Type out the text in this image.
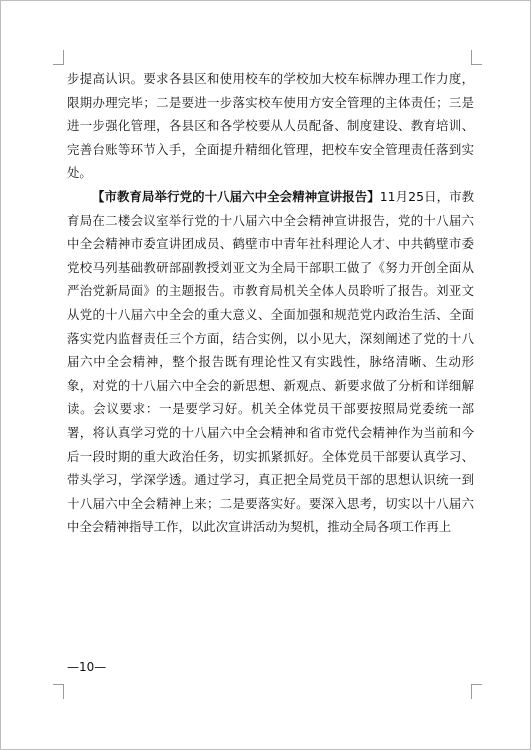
步提高认识。要求各县区和使用校车的学校加大校车标牌办理工作力度，限期办理完毕；二是要进一步落实校车使用方安全管理的主体责任；三是进一步强化管理，各县区和各学校要从人员配备、制度建设、教育培训、完善台账等环节入手，全面提升精细化管理，把校车安全管理责任落到实处。

【市教育局举行党的十八届六中全会精神宣讲报告】11月25日，市教育局在二楼会议室举行党的十八届六中全会精神宣讲报告，党的十八届六中全会精神市委宣讲团成员、鹤壁市中青年社科理论人才、中共鹤壁市委党校马列基础教研部副教授刘亚文为全局干部职工做了《努力开创全面从严治党新局面》的主题报告。市教育局机关全体人员聆听了报告。刘亚文从党的十八届六中全会的重大意义、全面加强和规范党内政治生活、全面落实党内监督责任三个方面，结合实例，以小见大，深刻阐述了党的十八届六中全会精神，整个报告既有理论性又有实践性，脉络清晰、生动形象，对党的十八届六中全会的新思想、新观点、新要求做了分析和详细解读。会议要求：一是要学习好。机关全体党员干部要按照局党委统一部署，将认真学习党的十八届六中全会精神和省市党代会精神作为当前和今后一段时期的重大政治任务，切实抓紧抓好。全体党员干部要认真学习、带头学习，学深学透。通过学习，真正把全局党员干部的思想认识统一到十八届六中全会精神上来；二是要落实好。要深入思考，切实以十八届六中全会精神指导工作，以此次宣讲活动为契机，推动全局各项工作再上

—10—
